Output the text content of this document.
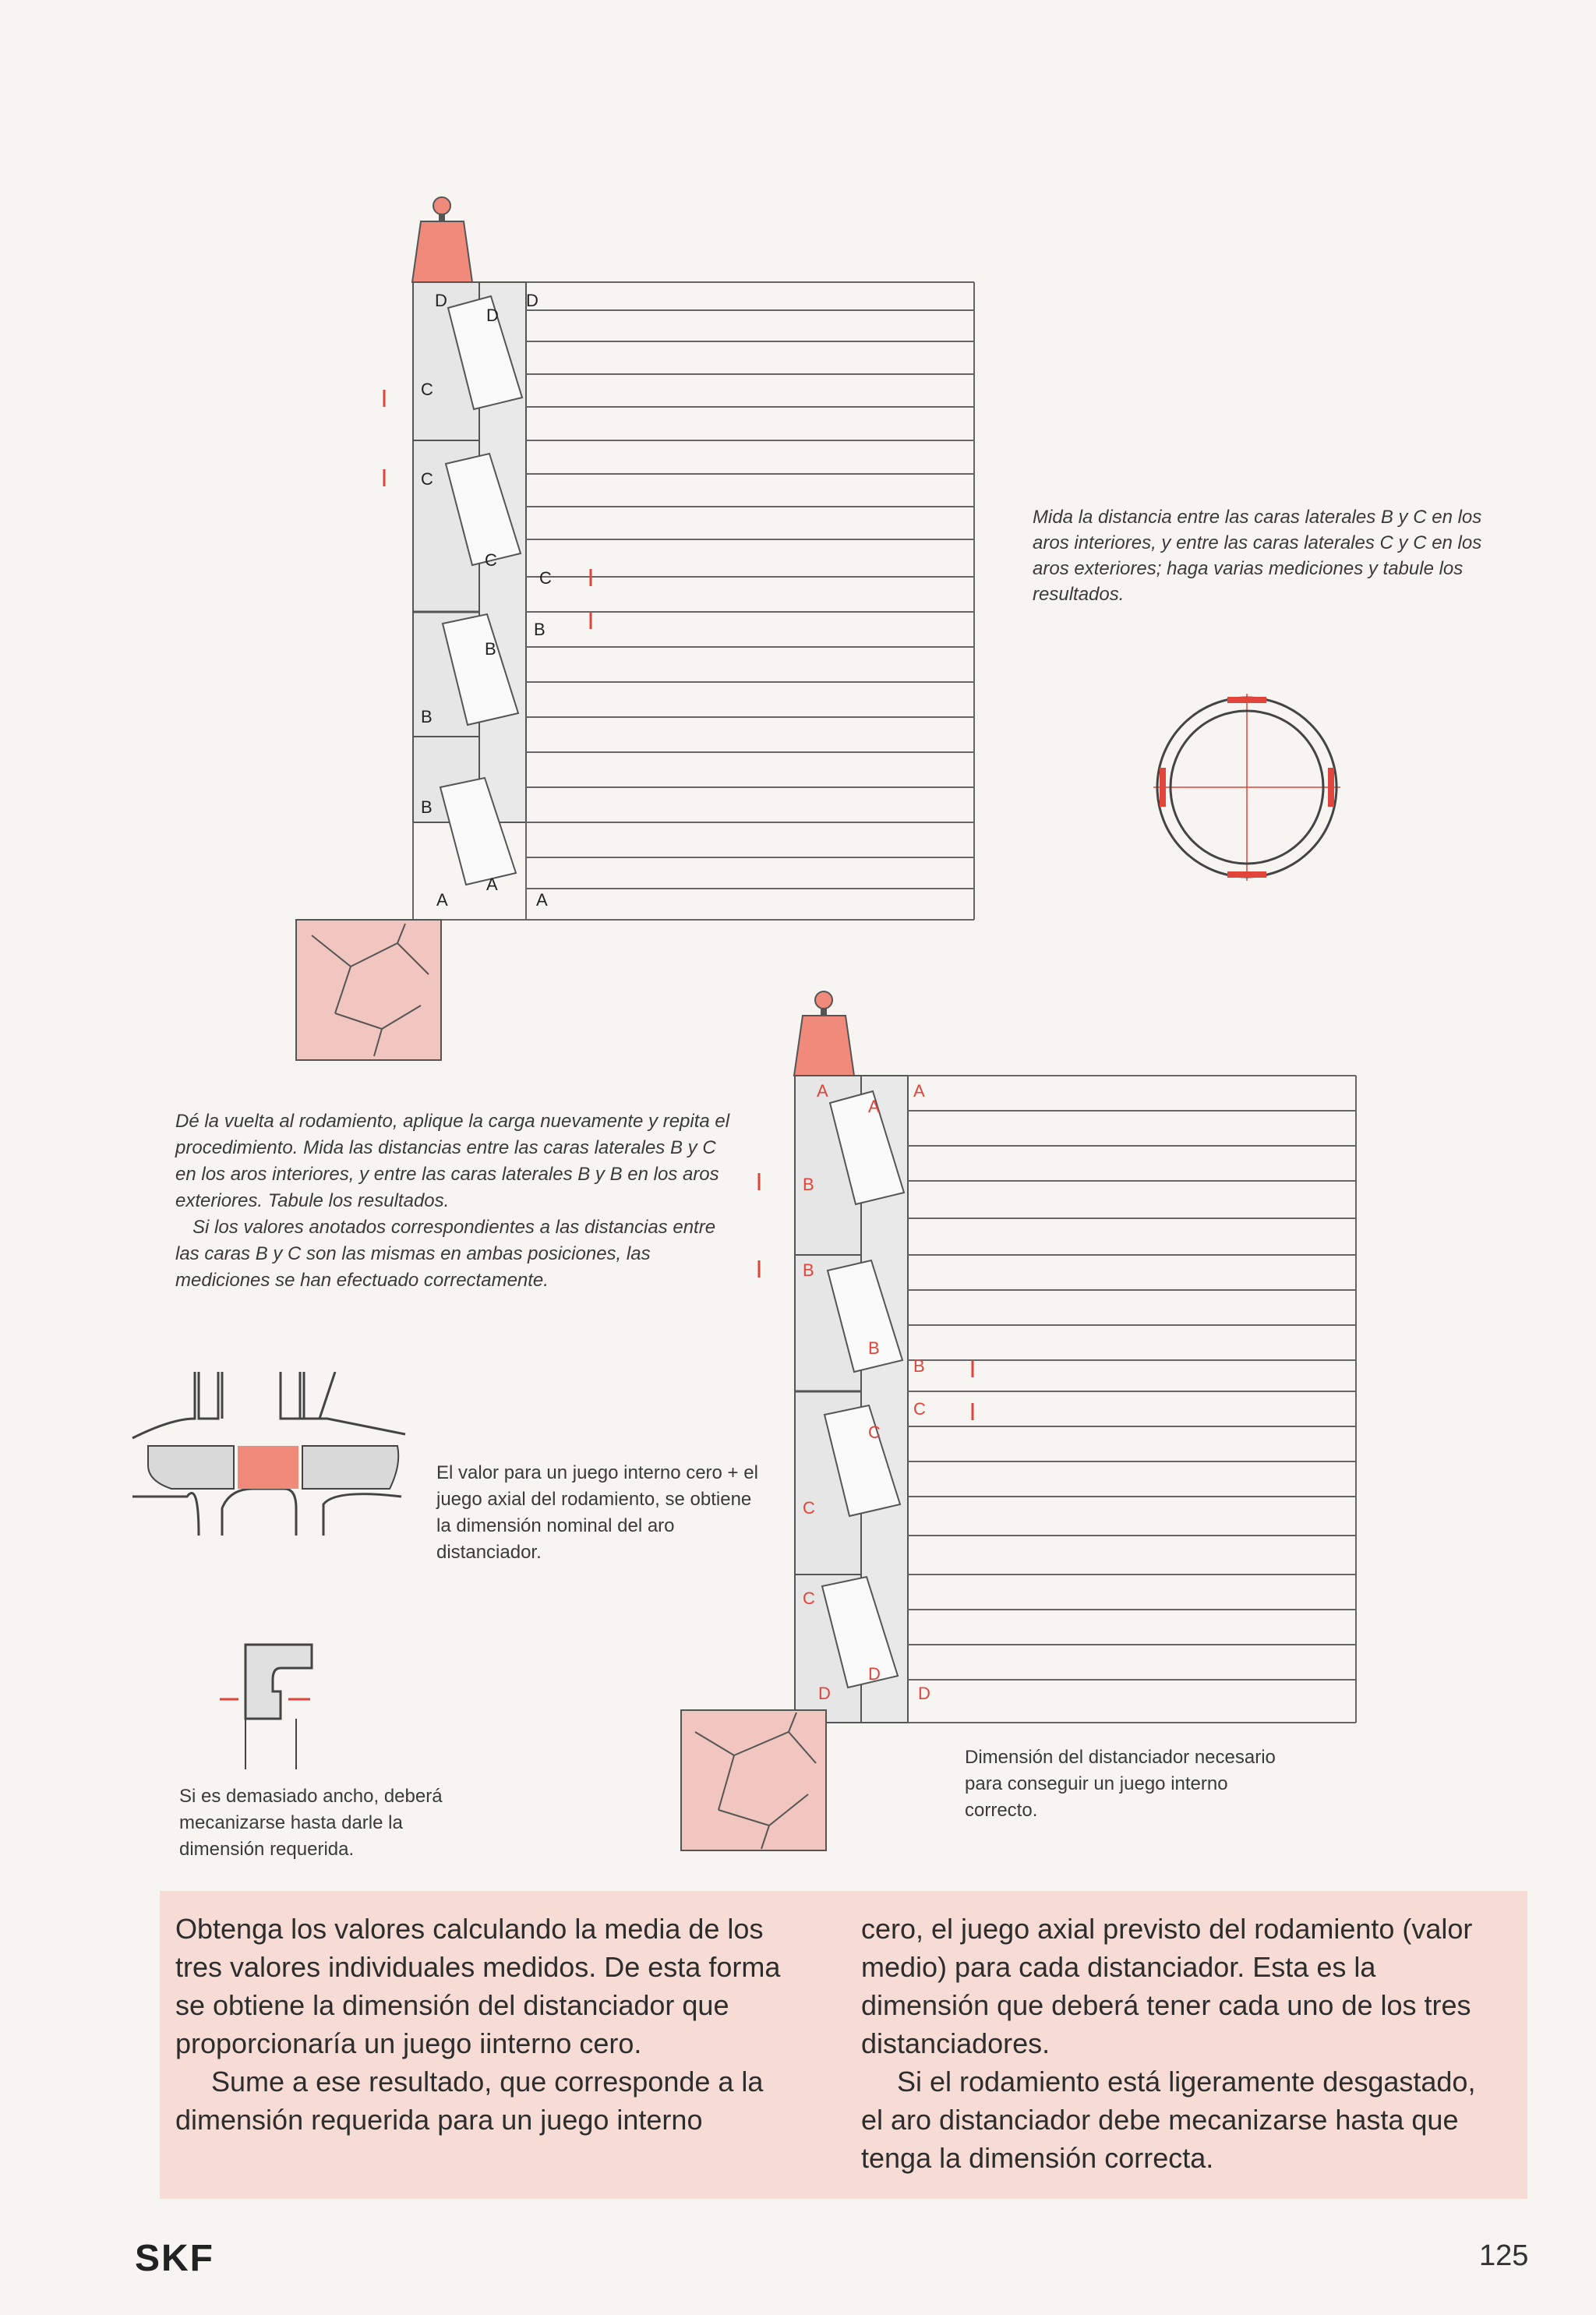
D
D
D
C
C
C
C
B
B
B
B
A
A
A

Mida la distancia entre las caras laterales B y C en los aros interiores, y entre las caras laterales C y C en los aros exteriores; haga varias mediciones y tabule los resultados.

A
A
A
B
B
B
B
C
C
C
C
D
D
D

Dé la vuelta al rodamiento, aplique la carga nuevamente y repita el procedimiento. Mida las distancias entre las caras laterales B y C en los aros interiores, y entre las caras laterales B y B en los aros exteriores. Tabule los resultados.

Si los valores anotados correspondientes a las distancias entre las caras B y C son las mismas en ambas posiciones, las mediciones se han efectuado correctamente.

El valor para un juego interno cero + el juego axial del rodamiento, se obtiene la dimensión nominal del aro distanciador.

Si es demasiado ancho, deberá mecanizarse hasta darle la dimensión requerida.

Dimensión del distanciador necesario para conseguir un juego interno correcto.

Obtenga los valores calculando la media de los tres valores individuales medidos. De esta forma se obtiene la dimensión del distanciador que proporcionaría un juego iinterno cero.

Sume a ese resultado, que corresponde a la dimensión requerida para un juego interno

cero, el juego axial previsto del rodamiento (valor medio) para cada distanciador. Esta es la dimensión que deberá tener cada uno de los tres distanciadores.

Si el rodamiento está ligeramente desgastado, el aro distanciador debe mecanizarse hasta que tenga la dimensión correcta.

SKF	125
